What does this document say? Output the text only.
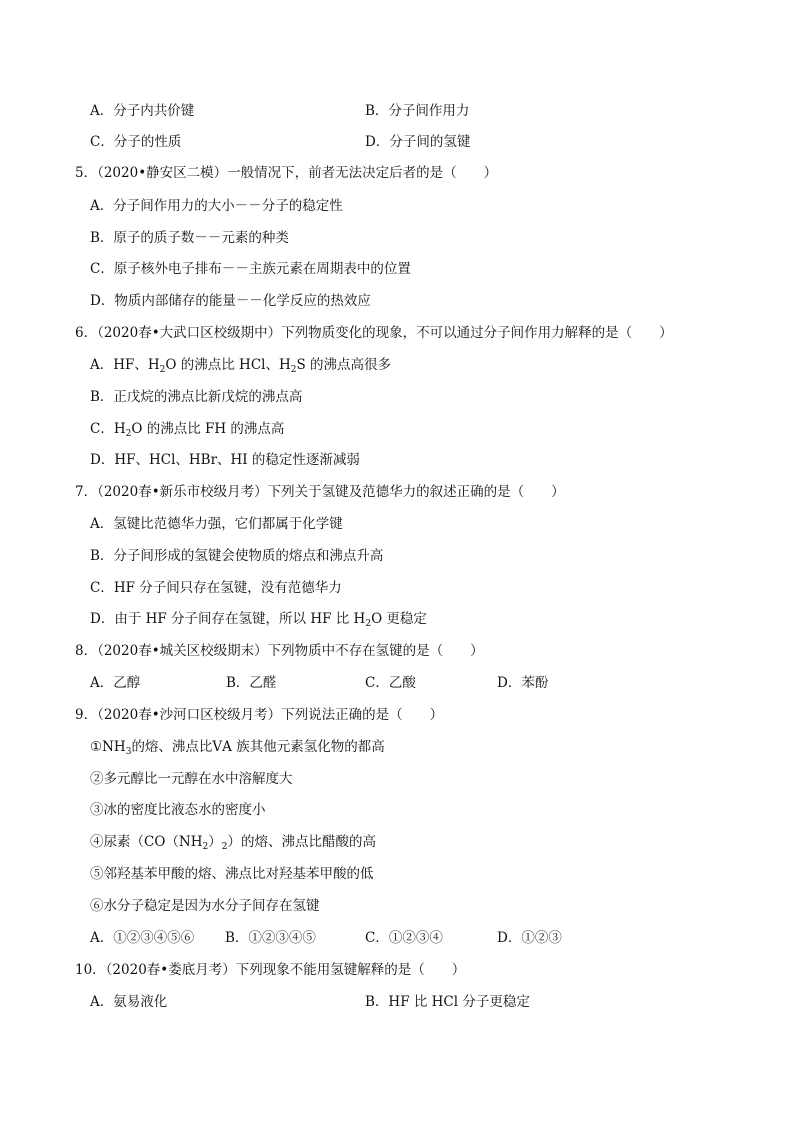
A．分子内共价键	B．分子间作用力
C．分子的性质	D．分子间的氢键
5．（2020•静安区二模）一般情况下，前者无法决定后者的是（　　）
A．分子间作用力的大小－－分子的稳定性
B．原子的质子数－－元素的种类
C．原子核外电子排布－－主族元素在周期表中的位置
D．物质内部储存的能量－－化学反应的热效应
6．（2020春•大武口区校级期中）下列物质变化的现象，不可以通过分子间作用力解释的是（　　）
A．HF、$H_2O$ 的沸点比 HCl、$H_2S$ 的沸点高很多
B．正戊烷的沸点比新戊烷的沸点高
C．$H_2O$ 的沸点比 FH 的沸点高
D．HF、HCl、HBr、HI 的稳定性逐渐减弱
7．（2020春•新乐市校级月考）下列关于氢键及范德华力的叙述正确的是（　　）
A．氢键比范德华力强，它们都属于化学键
B．分子间形成的氢键会使物质的熔点和沸点升高
C．HF 分子间只存在氢键，没有范德华力
D．由于 HF 分子间存在氢键，所以 HF 比 $H_2O$ 更稳定
8．（2020春•城关区校级期末）下列物质中不存在氢键的是（　　）
A．乙醇	B．乙醛	C．乙酸	D．苯酚
9．（2020春•沙河口区校级月考）下列说法正确的是（　　）
$①NH_3$的熔、沸点比ⅤA 族其他元素氢化物的都高
②多元醇比一元醇在水中溶解度大
③冰的密度比液态水的密度小
④尿素$(CO(NH_2)_2)$的熔、沸点比醋酸的高
⑤邻羟基苯甲酸的熔、沸点比对羟基苯甲酸的低
⑥水分子稳定是因为水分子间存在氢键
A．①②③④⑤⑥ B．①②③④⑤	C．①②③④	D．①②③
10．（2020春•娄底月考）下列现象不能用氢键解释的是（　　）
A．氨易液化	B．HF 比 HCl 分子更稳定
